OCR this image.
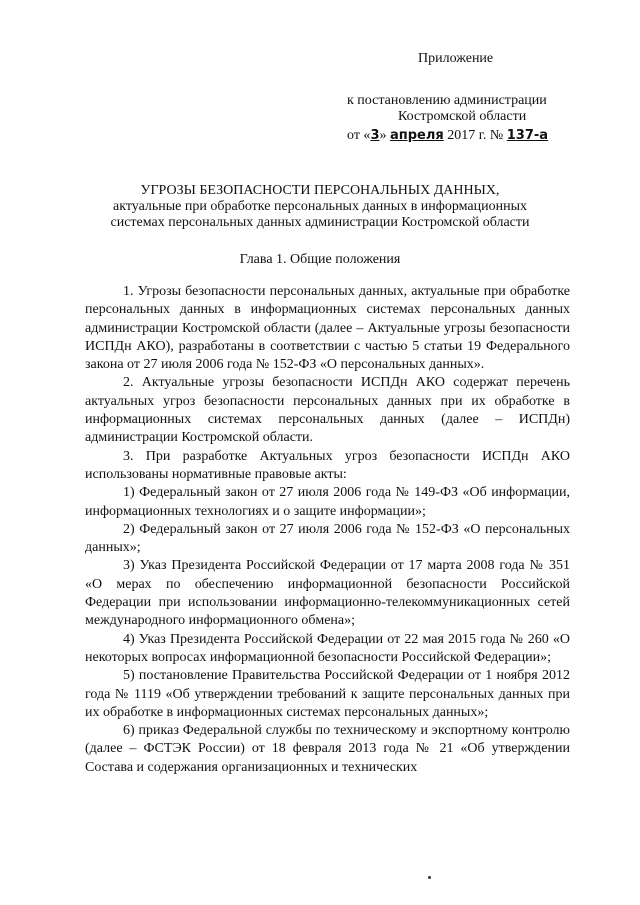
Приложение
к постановлению администрации
Костромской области
от «3» апреля 2017 г. № 137-а
УГРОЗЫ БЕЗОПАСНОСТИ ПЕРСОНАЛЬНЫХ ДАННЫХ,
актуальные при обработке персональных данных в информационных
системах персональных данных администрации Костромской области
Глава 1. Общие положения

1. Угрозы безопасности персональных данных, актуальные при обработке персональных данных в информационных системах персональных данных администрации Костромской области (далее – Актуальные угрозы безопасности ИСПДн АКО), разработаны в соответствии с частью 5 статьи 19 Федерального закона от 27 июля 2006 года № 152-ФЗ «О персональных данных».

2. Актуальные угрозы безопасности ИСПДн АКО содержат перечень актуальных угроз безопасности персональных данных при их обработке в информационных системах персональных данных (далее – ИСПДн) администрации Костромской области.

3. При разработке Актуальных угроз безопасности ИСПДн АКО использованы нормативные правовые акты:

1) Федеральный закон от 27 июля 2006 года № 149-ФЗ «Об информации, информационных технологиях и о защите информации»;

2) Федеральный закон от 27 июля 2006 года № 152-ФЗ «О персональных данных»;

3) Указ Президента Российской Федерации от 17 марта 2008 года № 351 «О мерах по обеспечению информационной безопасности Российской Федерации при использовании информационно-телекоммуникационных сетей международного информационного обмена»;

4) Указ Президента Российской Федерации от 22 мая 2015 года № 260 «О некоторых вопросах информационной безопасности Российской Федерации»;

5) постановление Правительства Российской Федерации от 1 ноября 2012 года № 1119 «Об утверждении требований к защите персональных данных при их обработке в информационных системах персональных данных»;

6) приказ Федеральной службы по техническому и экспортному контролю (далее – ФСТЭК России) от 18 февраля 2013 года № 21 «Об утверждении Состава и содержания организационных и технических
